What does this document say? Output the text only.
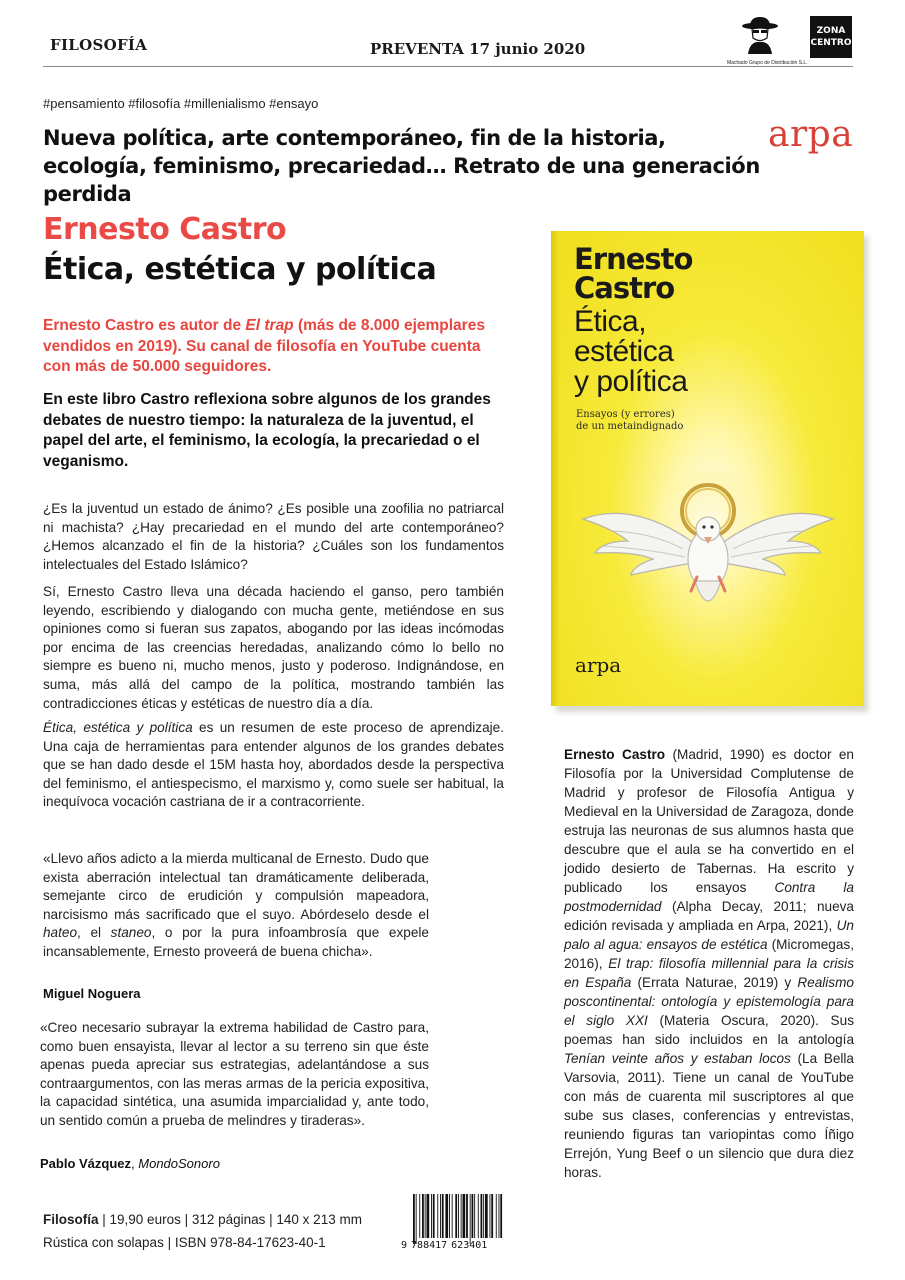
FILOSOFÍA	PREVENTA 17 junio 2020
Machado Grupo de Distribución S.L.
ZONA
CENTRO
#pensamiento #filosofía #millenialismo #ensayo
Nueva política, arte contemporáneo, fin de la historia, ecología, feminismo, precariedad… Retrato de una generación perdida
arpa
Ernesto Castro
Ética, estética y política
Ernesto Castro es autor de El trap (más de 8.000 ejemplares vendidos en 2019). Su canal de filosofía en YouTube cuenta con más de 50.000 seguidores.
En este libro Castro reflexiona sobre algunos de los grandes debates de nuestro tiempo: la naturaleza de la juventud, el papel del arte, el feminismo, la ecología, la precariedad o el veganismo.
¿Es la juventud un estado de ánimo? ¿Es posible una zoofilia no patriarcal ni machista? ¿Hay precariedad en el mundo del arte contemporáneo? ¿Hemos alcanzado el fin de la historia? ¿Cuáles son los fundamentos intelectuales del Estado Islámico?
Sí, Ernesto Castro lleva una década haciendo el ganso, pero también leyendo, escribiendo y dialogando con mucha gente, metiéndose en sus opiniones como si fueran sus zapatos, abogando por las ideas incómodas por encima de las creencias heredadas, analizando cómo lo bello no siempre es bueno ni, mucho menos, justo y poderoso. Indignándose, en suma, más allá del campo de la política, mostrando también las contradicciones éticas y estéticas de nuestro día a día.
Ética, estética y política es un resumen de este proceso de aprendizaje. Una caja de herramientas para entender algunos de los grandes debates que se han dado desde el 15M hasta hoy, abordados desde la perspectiva del feminismo, el antiespecismo, el marxismo y, como suele ser habitual, la inequívoca vocación castriana de ir a contracorriente.
«Llevo años adicto a la mierda multicanal de Ernesto. Dudo que exista aberración intelectual tan dramáticamente deliberada, semejante circo de erudición y compulsión mapeadora, narcisismo más sacrificado que el suyo. Abórdeselo desde el hateo, el staneo, o por la pura infoambrosía que expele incansablemente, Ernesto proveerá de buena chicha».
Miguel Noguera
«Creo necesario subrayar la extrema habilidad de Castro para, como buen ensayista, llevar al lector a su terreno sin que éste apenas pueda apreciar sus estrategias, adelantándose a sus contraargumentos, con las meras armas de la pericia expositiva, la capacidad sintética, una asumida imparcialidad y, ante todo, un sentido común a prueba de melindres y tiraderas».
Pablo Vázquez, MondoSonoro
Filosofía | 19,90 euros | 312 páginas | 140 x 213 mm
Rústica con solapas | ISBN 978-84-17623-40-1	9 788417 623401
Ernesto
Castro
Ética,
estética
y política
Ensayos (y errores)
de un metaindignado
arpa
Ernesto Castro (Madrid, 1990) es doctor en Filosofía por la Universidad Complutense de Madrid y profesor de Filosofía Antigua y Medieval en la Universidad de Zaragoza, donde estruja las neuronas de sus alumnos hasta que descubre que el aula se ha convertido en el jodido desierto de Tabernas. Ha escrito y publicado los ensayos Contra la postmodernidad (Alpha Decay, 2011; nueva edición revisada y ampliada en Arpa, 2021), Un palo al agua: ensayos de estética (Micromegas, 2016), El trap: filosofía millennial para la crisis en España (Errata Naturae, 2019) y Realismo poscontinental: ontología y epistemología para el siglo XXI (Materia Oscura, 2020). Sus poemas han sido incluidos en la antología Tenían veinte años y estaban locos (La Bella Varsovia, 2011). Tiene un canal de YouTube con más de cuarenta mil suscriptores al que sube sus clases, conferencias y entrevistas, reuniendo figuras tan variopintas como Íñigo Errejón, Yung Beef o un silencio que dura diez horas.
